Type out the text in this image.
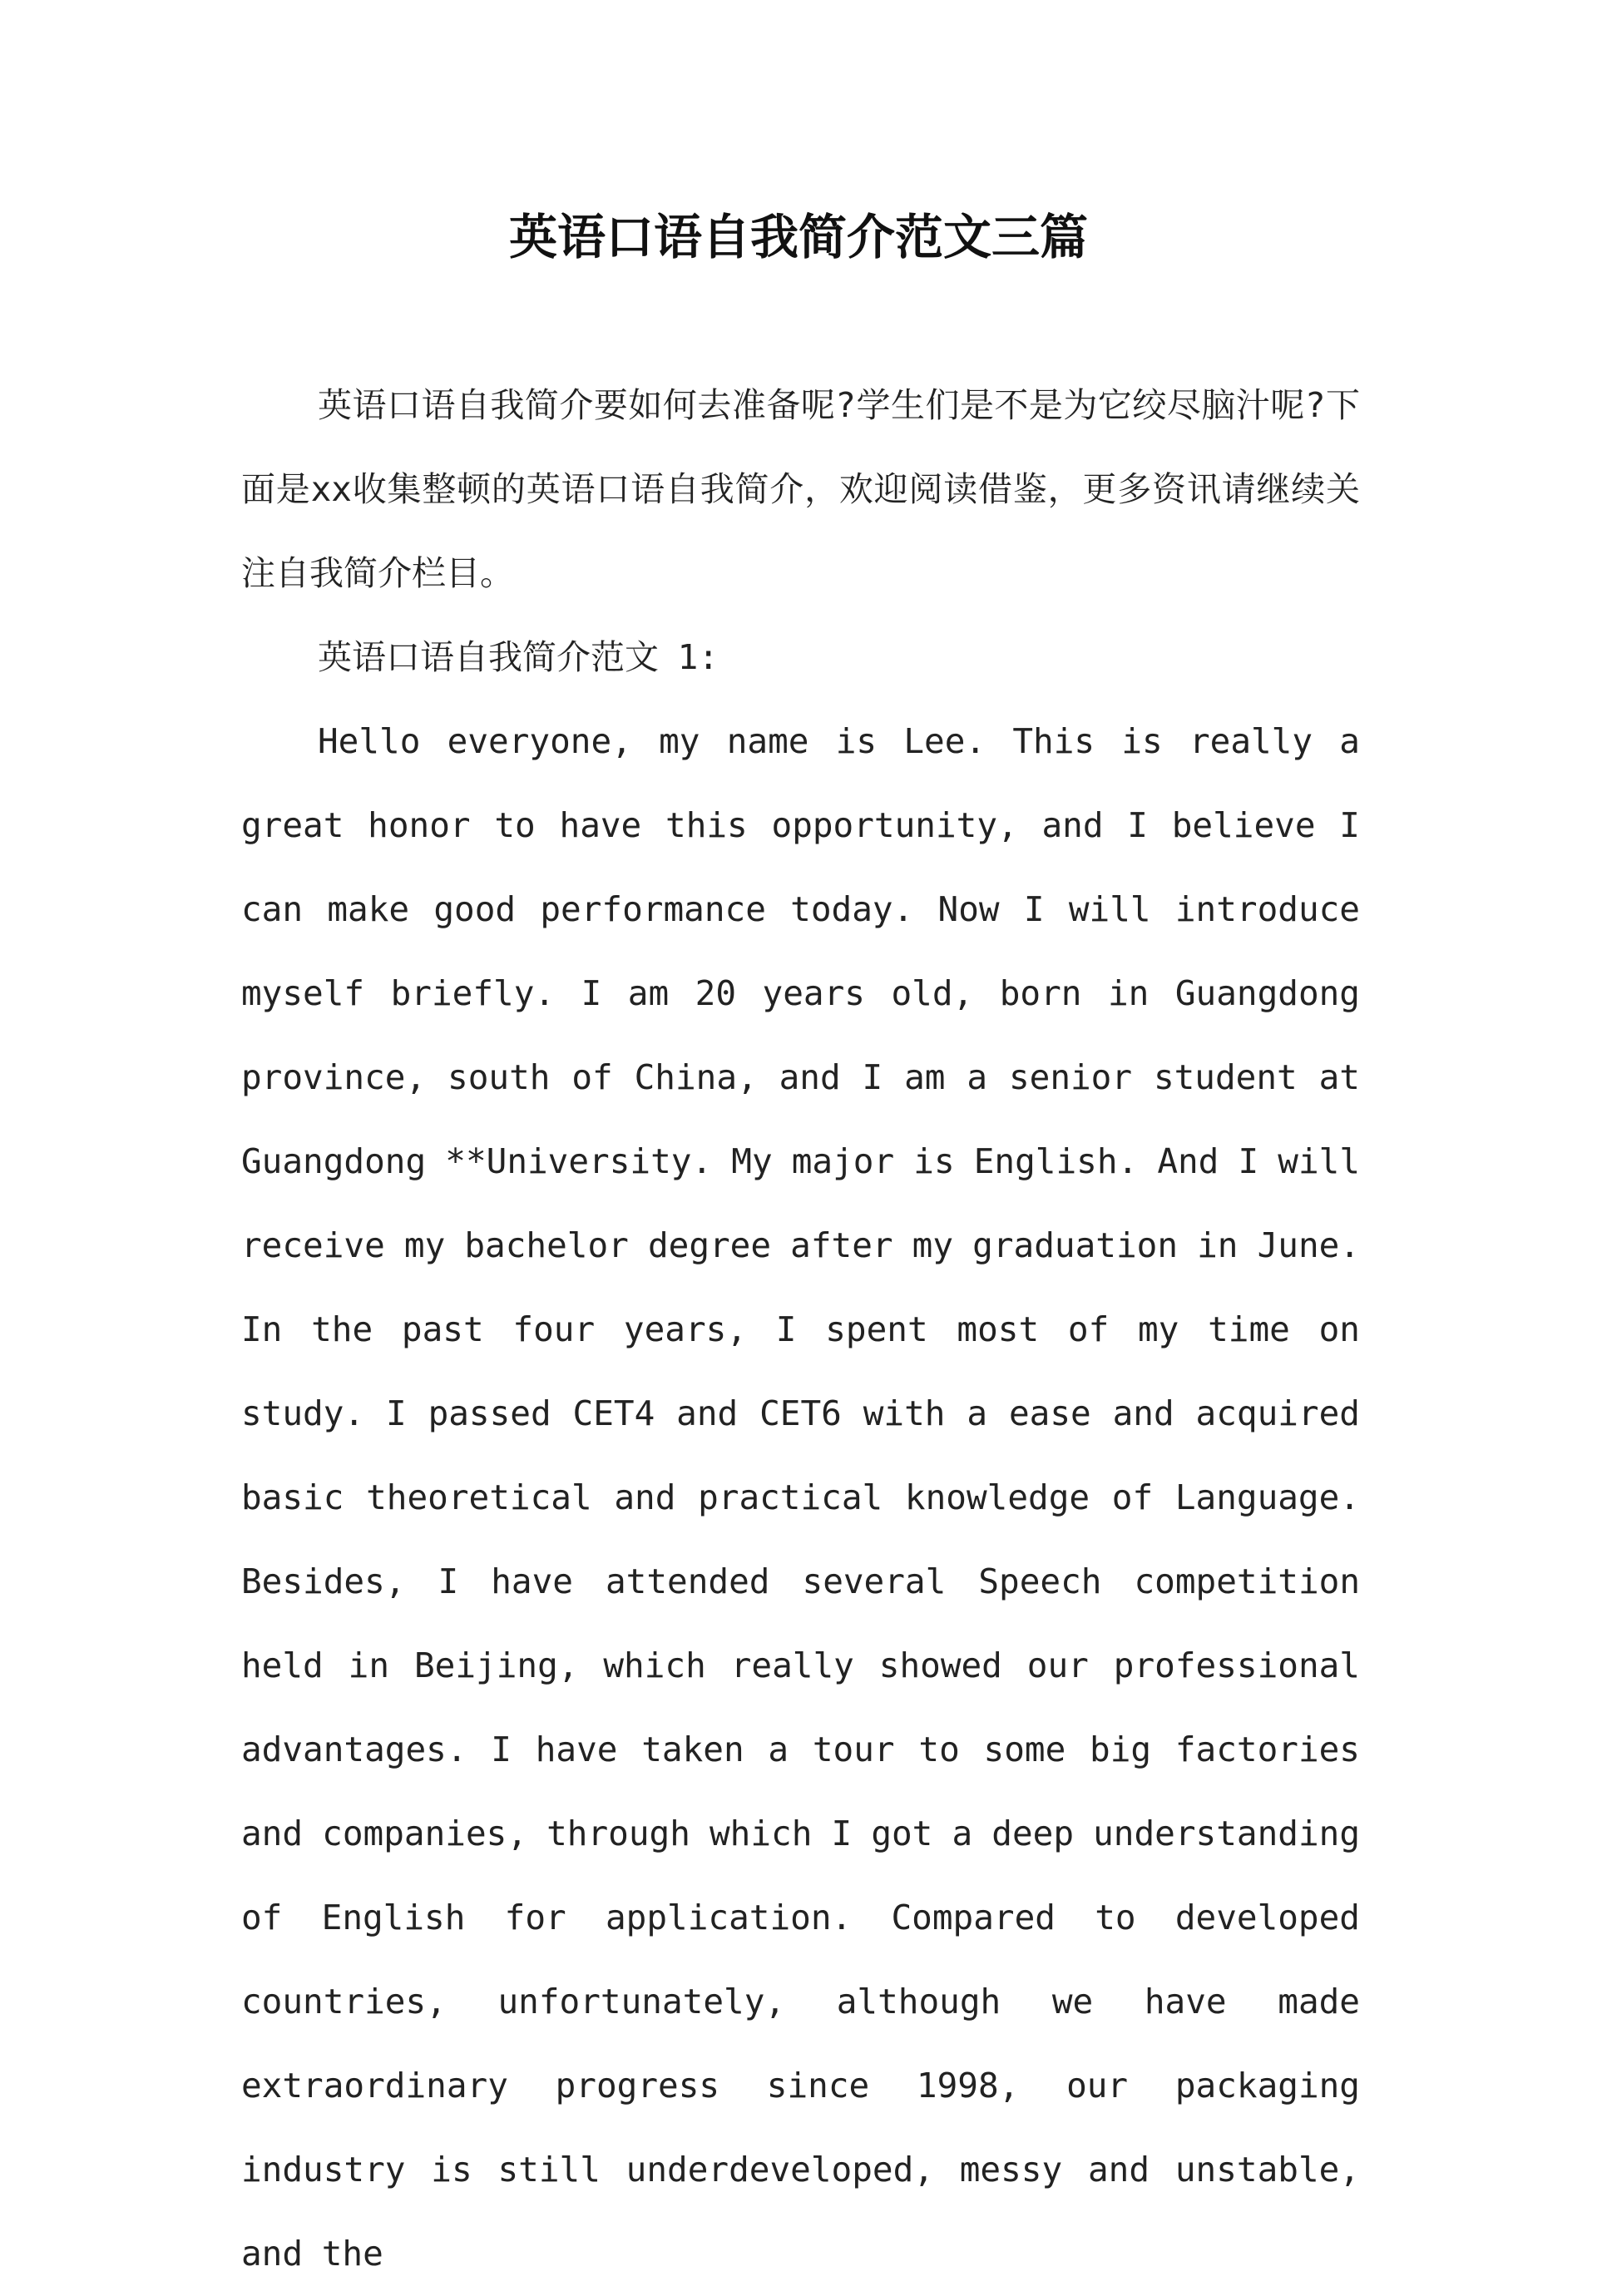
英语口语自我简介范文三篇

英语口语自我简介要如何去准备呢?学生们是不是为它绞尽脑汁呢?下面是xx收集整顿的英语口语自我简介，欢迎阅读借鉴，更多资讯请继续关注自我简介栏目。

英语口语自我简介范文 1:

Hello everyone, my name is Lee. This is really a great honor to have this opportunity, and I believe I can make good performance today. Now I will introduce myself briefly. I am 20 years old, born in Guangdong province, south of China, and I am a senior student at Guangdong **University. My major is English. And I will receive my bachelor degree after my graduation in June. In the past four years, I spent most of my time on study. I passed CET4 and CET6 with a ease and acquired basic theoretical and practical knowledge of Language. Besides, I have attended several Speech competition held in Beijing, which really showed our professional advantages. I have taken a tour to some big factories and companies, through which I got a deep understanding of English for application. Compared to developed countries, unfortunately, although we have made extraordinary progress since 1998, our packaging industry is still underdeveloped, messy and unstable, and the
